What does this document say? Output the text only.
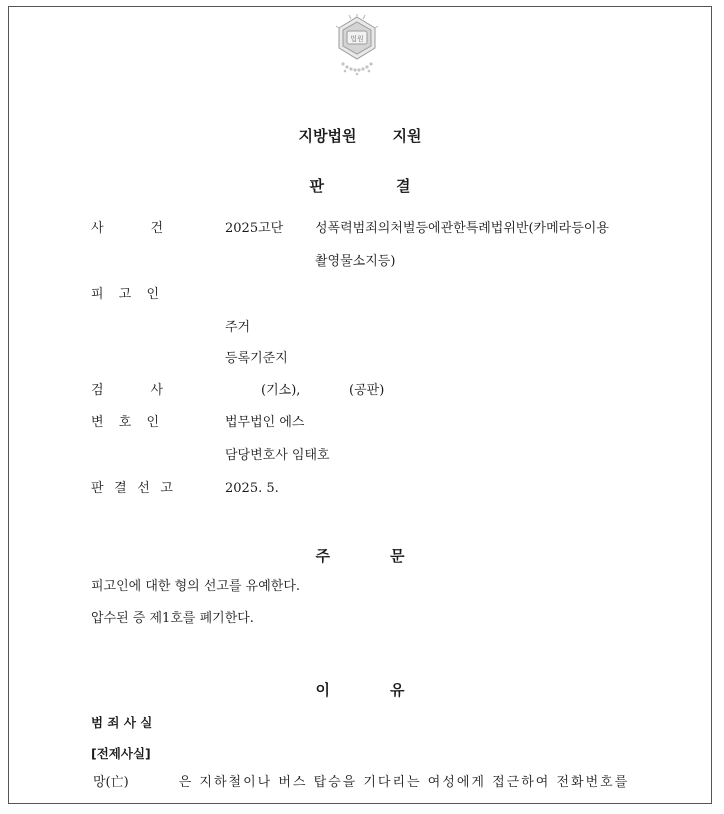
법원
지방법원 지원
판	결
사	건	2025고단 성폭력범죄의처벌등에관한특례법위반(카메라등이용
촬영물소지등)
피 고 인
주거
등록기준지
검	사	(기소),	(공판)
변 호 인	법무법인 에스
담당변호사 임태호
판 결 선 고	2025. 5.
주	문
피고인에 대한 형의 선고를 유예한다.
압수된 증 제1호를 폐기한다.
이	유
범 죄 사 실
[전제사실]
망(亡)	은 지하철이나 버스 탑승을 기다리는 여성에게 접근하여 전화번호를
